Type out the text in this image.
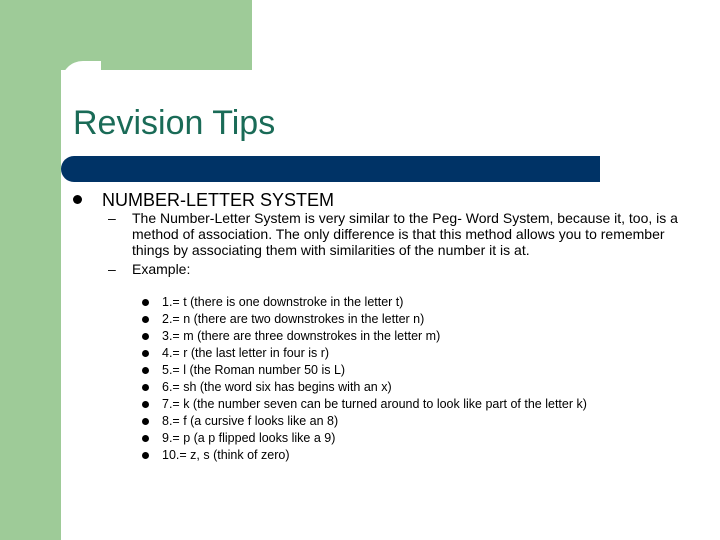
Revision Tips
NUMBER-LETTER SYSTEM
–	The Number-Letter System is very similar to the Peg- Word System, because it, too, is a method of association. The only difference is that this method allows you to remember things by associating them with similarities of the number it is at.
–	Example:
1.= t (there is one downstroke in the letter t)
2.= n (there are two downstrokes in the letter n)
3.= m (there are three downstrokes in the letter m)
4.= r (the last letter in four is r)
5.= l (the Roman number 50 is L)
6.= sh (the word six has begins with an x)
7.= k (the number seven can be turned around to look like part of the letter k)
8.= f (a cursive f looks like an 8)
9.= p (a p flipped looks like a 9)
10.= z, s (think of zero)
